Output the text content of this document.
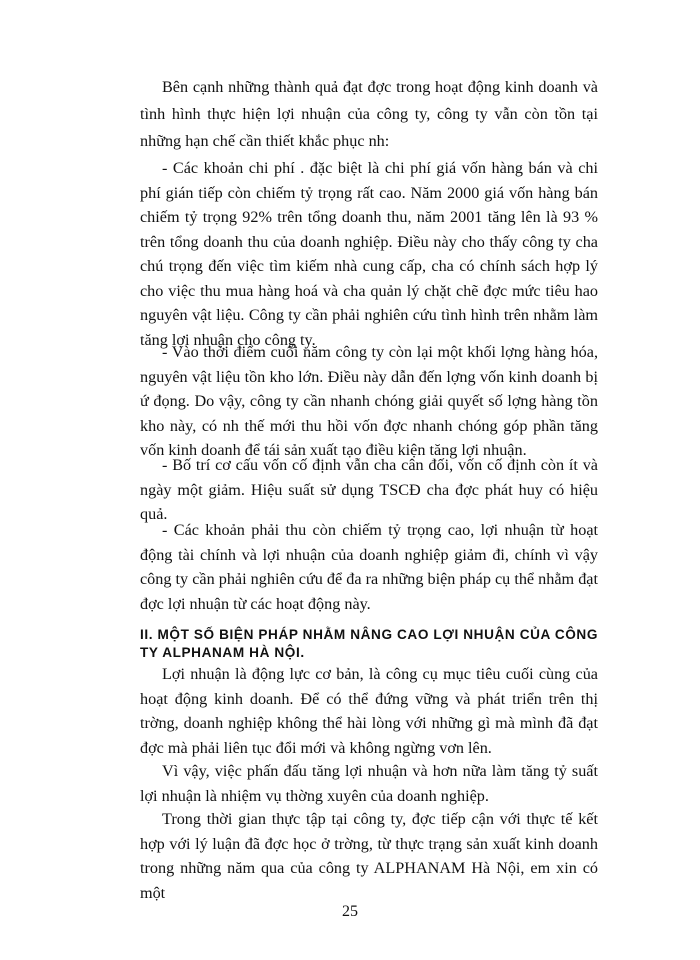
Bên cạnh những thành quả đạt đợc trong hoạt động kinh doanh và tình hình thực hiện lợi nhuận của công ty, công ty vẫn còn tồn tại những hạn chế cần thiết khắc phục nh:

- Các khoản chi phí . đặc biệt là chi phí giá vốn hàng bán và chi phí gián tiếp còn chiếm tỷ trọng rất cao. Năm 2000 giá vốn hàng bán chiếm tỷ trọng 92% trên tổng doanh thu, năm 2001 tăng lên là 93 % trên tổng doanh thu của doanh nghiệp. Điều này cho thấy công ty cha chú trọng đến việc tìm kiếm nhà cung cấp, cha có chính sách hợp lý cho việc thu mua hàng hoá và cha quản lý chặt chẽ đợc mức tiêu hao nguyên vật liệu. Công ty cần phải nghiên cứu tình hình trên nhằm làm tăng lợi nhuận cho công ty.

- Vào thời điểm cuối năm công ty còn lại một khối lợng hàng hóa, nguyên vật liệu tồn kho lớn. Điều này dẫn đến lợng vốn kinh doanh bị ứ đọng. Do vậy, công ty cần nhanh chóng giải quyết số lợng hàng tồn kho này, có nh thế mới thu hồi vốn đợc nhanh chóng góp phần tăng vốn kinh doanh để tái sản xuất tạo điều kiện tăng lợi nhuận.

- Bố trí cơ cấu vốn cố định vẫn cha cân đối, vốn cố định còn ít và ngày một giảm. Hiệu suất sử dụng TSCĐ cha đợc phát huy có hiệu quả.

- Các khoản phải thu còn chiếm tỷ trọng cao, lợi nhuận từ hoạt động tài chính và lợi nhuận của doanh nghiệp giảm đi, chính vì vậy công ty cần phải nghiên cứu để đa ra những biện pháp cụ thể nhằm đạt đợc lợi nhuận từ các hoạt động này.

II. MỘT SỐ BIỆN PHÁP NHẰM NÂNG CAO LỢI NHUẬN CỦA CÔNG TY ALPHANAM HÀ NỘI.

Lợi nhuận là động lực cơ bản, là công cụ mục tiêu cuối cùng của hoạt động kinh doanh. Để có thể đứng vững và phát triển trên thị trờng, doanh nghiệp không thể hài lòng với những gì mà mình đã đạt đợc mà phải liên tục đổi mới và không ngừng vơn lên.

Vì vậy, việc phấn đấu tăng lợi nhuận và hơn nữa làm tăng tỷ suất lợi nhuận là nhiệm vụ thờng xuyên của doanh nghiệp.

Trong thời gian thực tập tại công ty, đợc tiếp cận với thực tế kết hợp với lý luận đã đợc học ở trờng, từ thực trạng sản xuất kinh doanh trong những năm qua của công ty ALPHANAM Hà Nội, em xin có một

25
